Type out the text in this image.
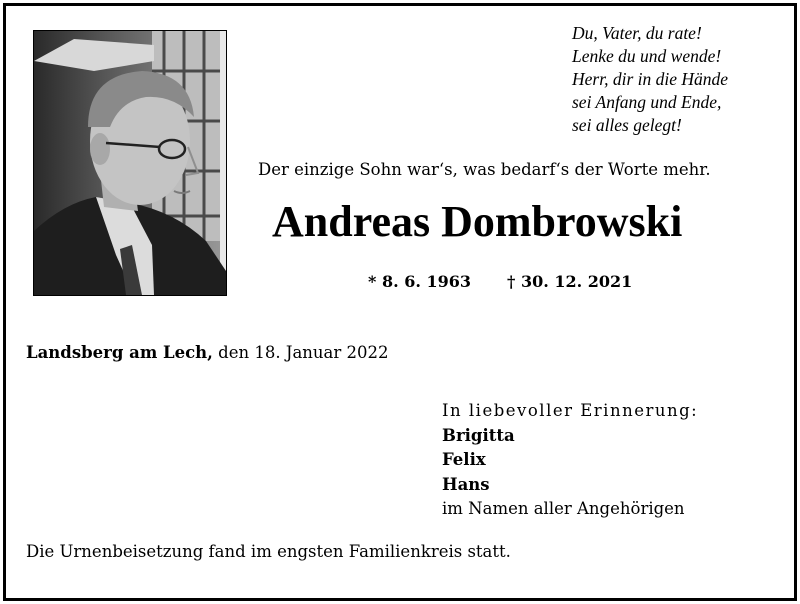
Du, Vater, du rate!
Lenke du und wende!
Herr, dir in die Hände
sei Anfang und Ende,
sei alles gelegt!
Der einzige Sohn war‘s, was bedarf‘s der Worte mehr.
Andreas Dombrowski
* 8. 6. 1963 † 30. 12. 2021
Landsberg am Lech, den 18. Januar 2022
In liebevoller Erinnerung:
Brigitta
Felix
Hans
im Namen aller Angehörigen
Die Urnenbeisetzung fand im engsten Familienkreis statt.
